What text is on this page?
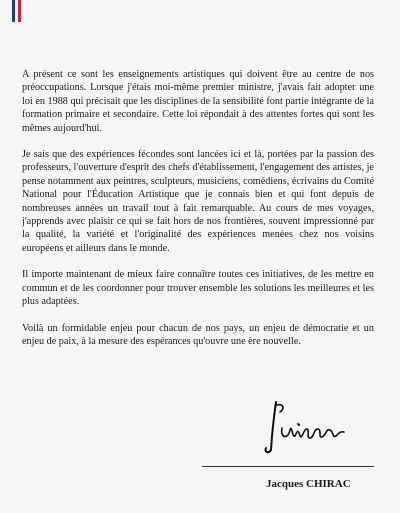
A présent ce sont les enseignements artistiques qui doivent être au centre de nos préoccupations. Lorsque j'étais moi-même premier ministre, j'avais fait adopter une loi en 1988 qui précisait que les disciplines de la sensibilité font partie intégrante de la formation primaire et secondaire. Cette loi répondait à des attentes fortes qui sont les mêmes aujourd'hui.

Je sais que des expériences fécondes sont lancées ici et là, portées par la passion des professeurs, l'ouverture d'esprit des chefs d'établissement, l'engagement des artistes, je pense notamment aux peintres, sculpteurs, musiciens, comédiens, écrivains du Comité National pour l'Éducation Artistique que je connais bien et qui font depuis de nombreuses années un travail tout à fait remarquable. Au cours de mes voyages, j'apprends avec plaisir ce qui se fait hors de nos frontières, souvent impressionné par la qualité, la variété et l'originalité des expériences menées chez nos voisins européens et ailleurs dans le monde.

Il importe maintenant de mieux faire connaître toutes ces initiatives, de les mettre en commun et de les coordonner pour trouver ensemble les solutions les meilleures et les plus adaptées.

Voilà un formidable enjeu pour chacun de nos pays, un enjeu de démocratie et un enjeu de paix, à la mesure des espérances qu'ouvre une ère nouvelle.

Jacques CHIRAC
